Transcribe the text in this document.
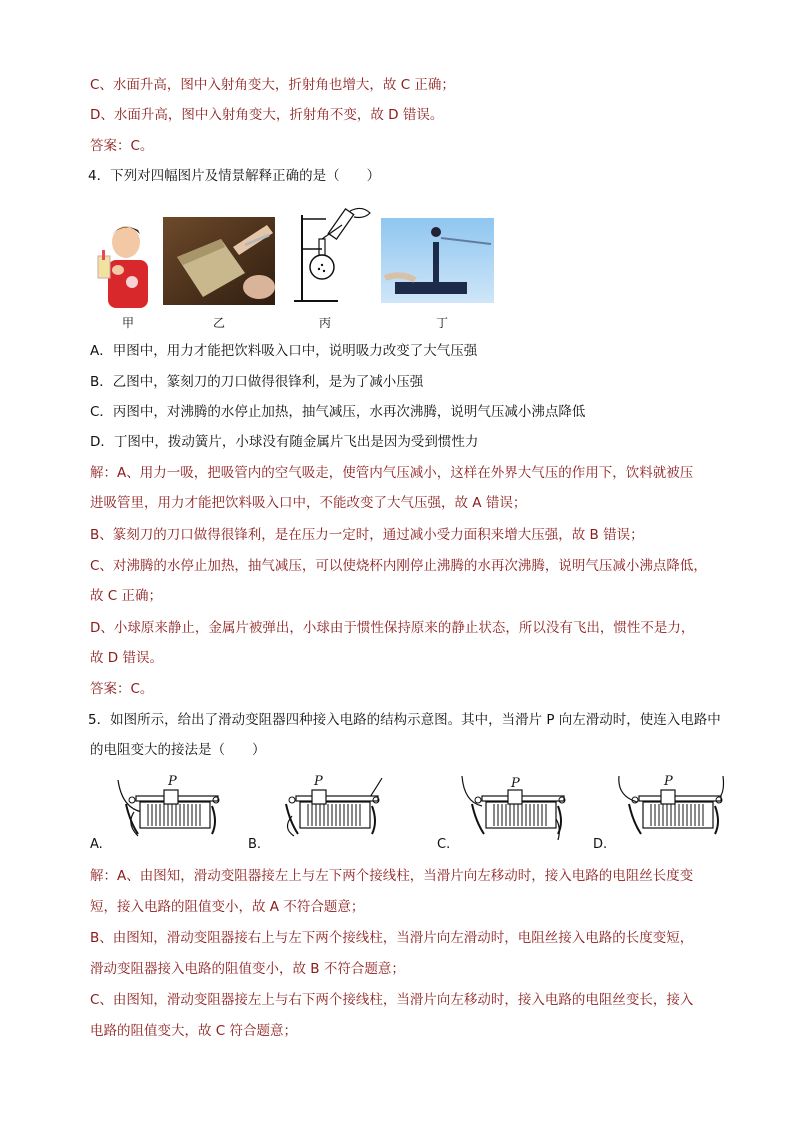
C、水面升高，图中入射角变大，折射角也增大，故 C 正确；
D、水面升高，图中入射角变大，折射角不变，故 D 错误。
答案：C。
4．下列对四幅图片及情景解释正确的是（　　）
甲	乙	丙	丁
A．甲图中，用力才能把饮料吸入口中，说明吸力改变了大气压强
B．乙图中，篆刻刀的刀口做得很锋利，是为了减小压强
C．丙图中，对沸腾的水停止加热，抽气减压，水再次沸腾，说明气压减小沸点降低
D．丁图中，拨动簧片，小球没有随金属片飞出是因为受到惯性力
解：A、用力一吸，把吸管内的空气吸走，使管内气压减小，这样在外界大气压的作用下，饮料就被压
进吸管里，用力才能把饮料吸入口中，不能改变了大气压强，故 A 错误；
B、篆刻刀的刀口做得很锋利，是在压力一定时，通过减小受力面积来增大压强，故 B 错误；
C、对沸腾的水停止加热，抽气减压，可以使烧杯内刚停止沸腾的水再次沸腾，说明气压减小沸点降低，
故 C 正确；
D、小球原来静止，金属片被弹出，小球由于惯性保持原来的静止状态，所以没有飞出，惯性不是力，
故 D 错误。
答案：C。
5．如图所示，给出了滑动变阻器四种接入电路的结构示意图。其中，当滑片 P 向左滑动时，使连入电路中
的电阻变大的接法是（　　）
P	P	P	P
A.	B.	C.	D.
解：A、由图知，滑动变阻器接左上与左下两个接线柱，当滑片向左移动时，接入电路的电阻丝长度变
短，接入电路的阻值变小，故 A 不符合题意；
B、由图知，滑动变阻器接右上与左下两个接线柱，当滑片向左滑动时，电阻丝接入电路的长度变短，
滑动变阻器接入电路的阻值变小，故 B 不符合题意；
C、由图知，滑动变阻器接左上与右下两个接线柱，当滑片向左移动时，接入电路的电阻丝变长，接入
电路的阻值变大，故 C 符合题意；
